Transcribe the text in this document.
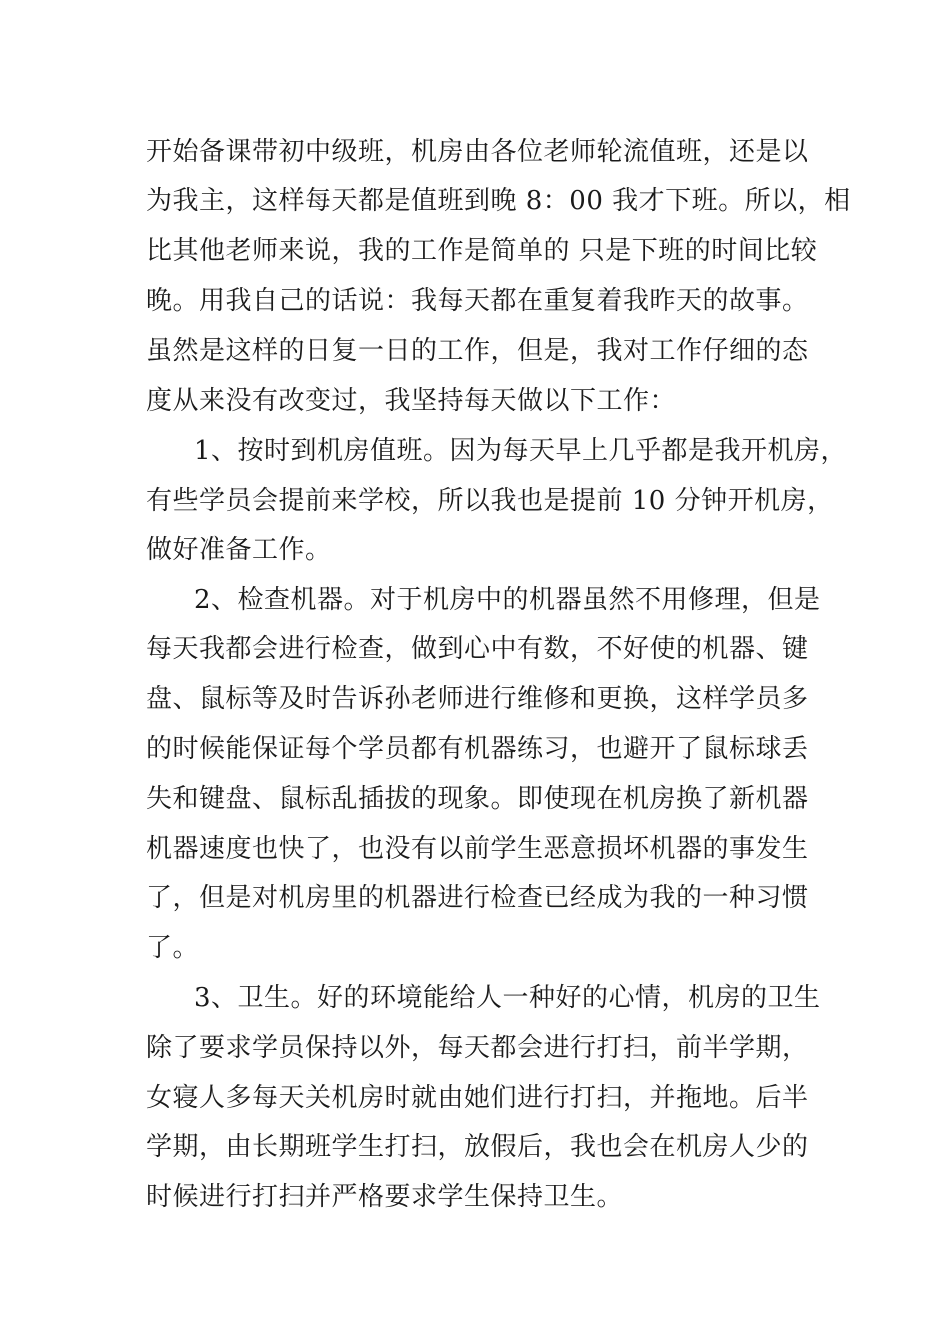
开始备课带初中级班，机房由各位老师轮流值班，还是以
为我主，这样每天都是值班到晚 8：00 我才下班。所以，相
比其他老师来说，我的工作是简单的 只是下班的时间比较
晚。用我自己的话说：我每天都在重复着我昨天的故事。
虽然是这样的日复一日的工作，但是，我对工作仔细的态
度从来没有改变过，我坚持每天做以下工作：
1、按时到机房值班。因为每天早上几乎都是我开机房，
有些学员会提前来学校，所以我也是提前 10 分钟开机房，
做好准备工作。
2、检查机器。对于机房中的机器虽然不用修理，但是
每天我都会进行检查，做到心中有数，不好使的机器、键
盘、鼠标等及时告诉孙老师进行维修和更换，这样学员多
的时候能保证每个学员都有机器练习，也避开了鼠标球丢
失和键盘、鼠标乱插拔的现象。即使现在机房换了新机器
机器速度也快了，也没有以前学生恶意损坏机器的事发生
了，但是对机房里的机器进行检查已经成为我的一种习惯
了。
3、卫生。好的环境能给人一种好的心情，机房的卫生
除了要求学员保持以外，每天都会进行打扫，前半学期，
女寝人多每天关机房时就由她们进行打扫，并拖地。后半
学期，由长期班学生打扫，放假后，我也会在机房人少的
时候进行打扫并严格要求学生保持卫生。
